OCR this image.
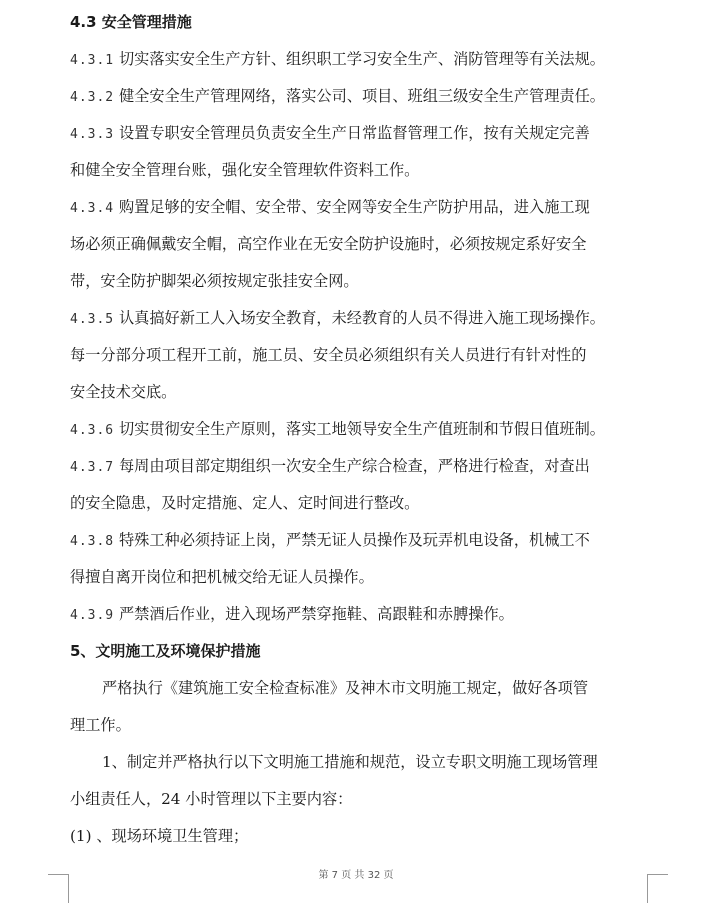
4.3 安全管理措施
4.3.1 切实落实安全生产方针、组织职工学习安全生产、消防管理等有关法规。
4.3.2 健全安全生产管理网络，落实公司、项目、班组三级安全生产管理责任。
4.3.3 设置专职安全管理员负责安全生产日常监督管理工作，按有关规定完善
和健全安全管理台账，强化安全管理软件资料工作。
4.3.4 购置足够的安全帽、安全带、安全网等安全生产防护用品，进入施工现
场必须正确佩戴安全帽，高空作业在无安全防护设施时，必须按规定系好安全
带，安全防护脚架必须按规定张挂安全网。
4.3.5 认真搞好新工人入场安全教育，未经教育的人员不得进入施工现场操作。
每一分部分项工程开工前，施工员、安全员必须组织有关人员进行有针对性的
安全技术交底。
4.3.6 切实贯彻安全生产原则，落实工地领导安全生产值班制和节假日值班制。
4.3.7 每周由项目部定期组织一次安全生产综合检查，严格进行检查，对查出
的安全隐患，及时定措施、定人、定时间进行整改。
4.3.8 特殊工种必须持证上岗，严禁无证人员操作及玩弄机电设备，机械工不
得擅自离开岗位和把机械交给无证人员操作。
4.3.9 严禁酒后作业，进入现场严禁穿拖鞋、高跟鞋和赤膊操作。
5、文明施工及环境保护措施
严格执行《建筑施工安全检查标准》及神木市文明施工规定，做好各项管
理工作。
1、制定并严格执行以下文明施工措施和规范，设立专职文明施工现场管理
小组责任人，24 小时管理以下主要内容：
(1) 、现场环境卫生管理；
第 7 页 共 32 页
